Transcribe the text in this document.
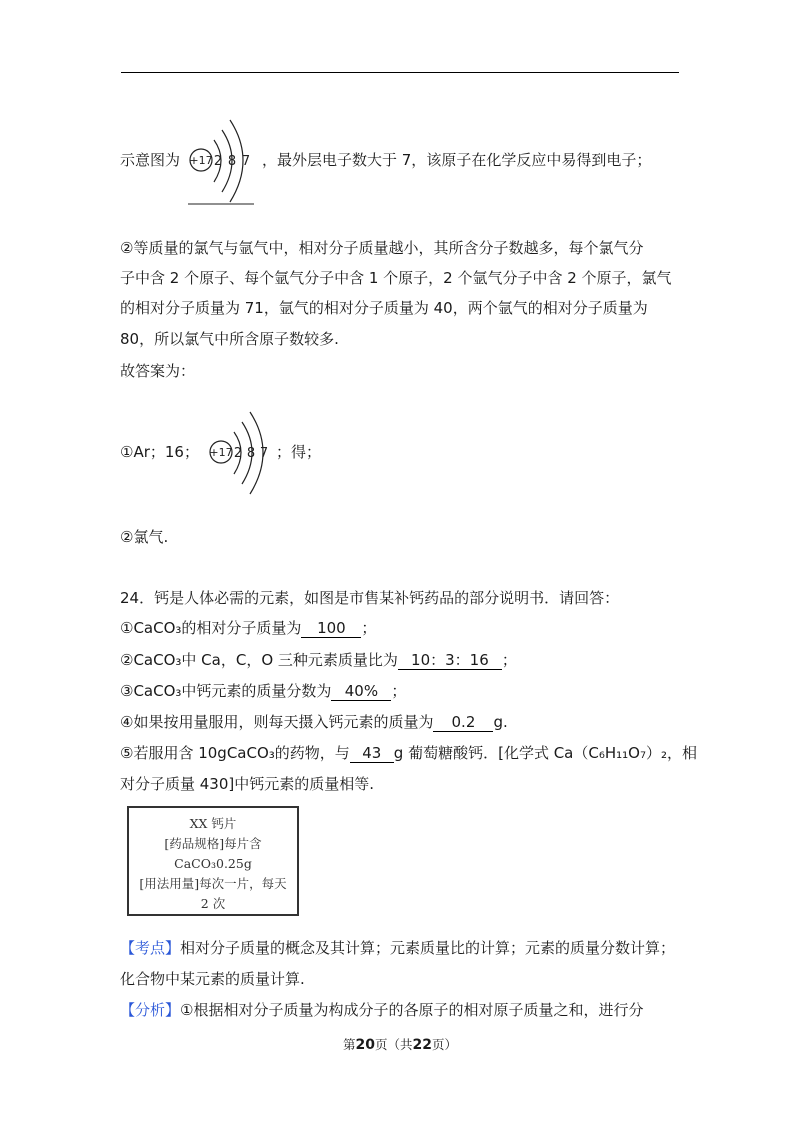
示意图为 +17 2 8 7 ，最外层电子数大于 7，该原子在化学反应中易得到电子；
②等质量的氯气与氩气中，相对分子质量越小，其所含分子数越多，每个氯气分
子中含 2 个原子、每个氩气分子中含 1 个原子，2 个氩气分子中含 2 个原子，氯气
的相对分子质量为 71，氩气的相对分子质量为 40，两个氩气的相对分子质量为
80，所以氯气中所含原子数较多.
故答案为：
①Ar；16； +17 2 8 7 ；得；
②氯气.
24．钙是人体必需的元素，如图是市售某补钙药品的部分说明书．请回答：
①CaCO₃的相对分子质量为 100 ；
②CaCO₃中 Ca，C，O 三种元素质量比为 10：3：16 ；
③CaCO₃中钙元素的质量分数为 40% ；
④如果按用量服用，则每天摄入钙元素的质量为 0.2 g.
⑤若服用含 10gCaCO₃的药物，与 43 g 葡萄糖酸钙．[化学式 Ca（C₆H₁₁O₇）₂，相
对分子质量 430]中钙元素的质量相等.
XX 钙片
[药品规格]每片含
CaCO₃0.25g
[用法用量]每次一片，每天
2 次
【考点】相对分子质量的概念及其计算；元素质量比的计算；元素的质量分数计算；
化合物中某元素的质量计算.
【分析】①根据相对分子质量为构成分子的各原子的相对原子质量之和，进行分
第20页（共22页）
